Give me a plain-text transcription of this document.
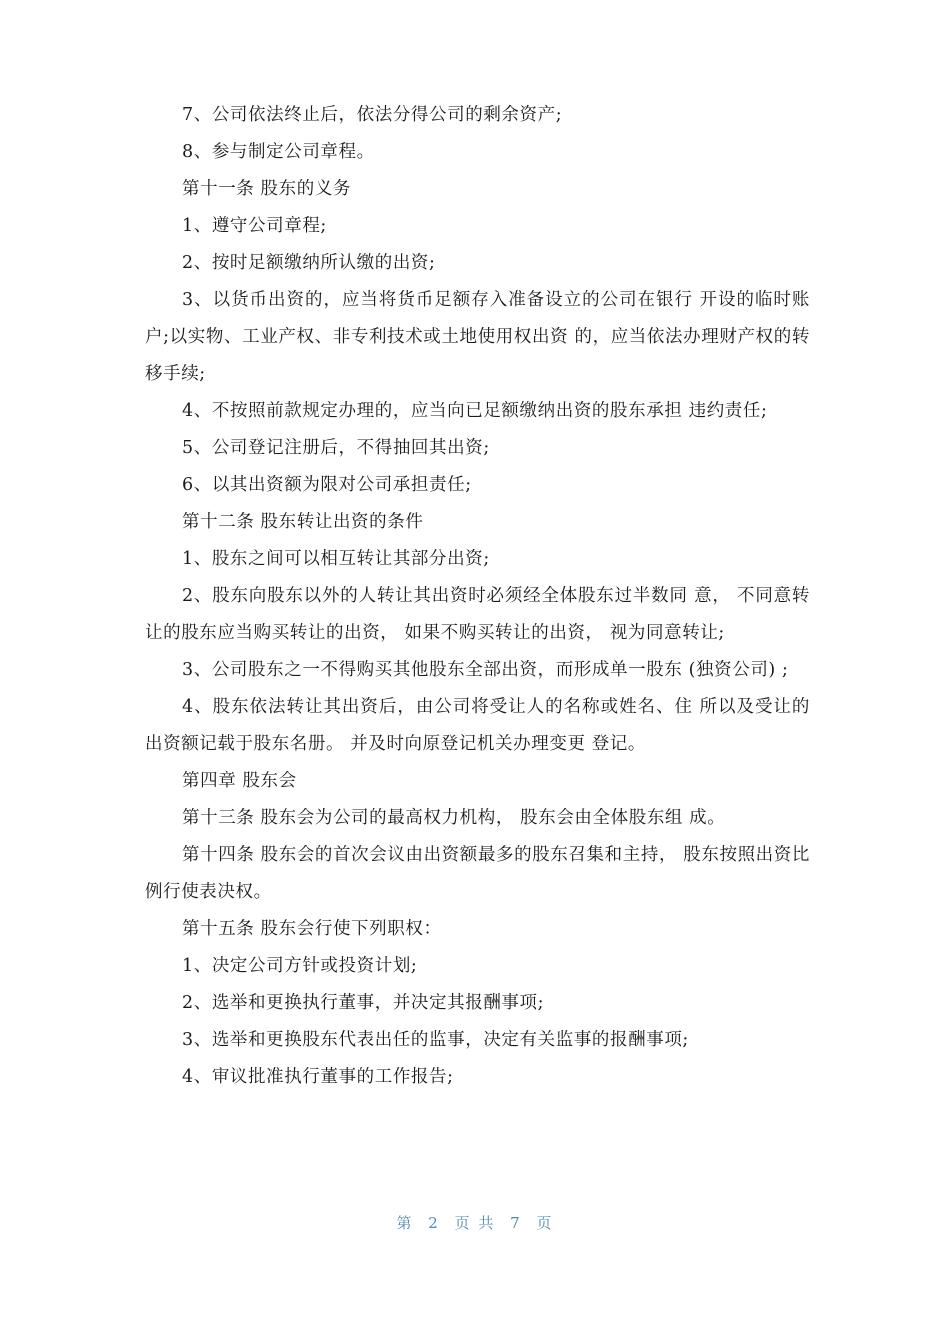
7、公司依法终止后，依法分得公司的剩余资产;

8、参与制定公司章程。

第十一条 股东的义务

1、遵守公司章程;

2、按时足额缴纳所认缴的出资;

3、以货币出资的，应当将货币足额存入准备设立的公司在银行 开设的临时账户;以实物、工业产权、非专利技术或土地使用权出资 的，应当依法办理财产权的转移手续;

4、不按照前款规定办理的，应当向已足额缴纳出资的股东承担 违约责任;

5、公司登记注册后，不得抽回其出资;

6、以其出资额为限对公司承担责任;

第十二条 股东转让出资的条件

1、股东之间可以相互转让其部分出资;

2、股东向股东以外的人转让其出资时必须经全体股东过半数同 意， 不同意转让的股东应当购买转让的出资， 如果不购买转让的出资， 视为同意转让;

3、公司股东之一不得购买其他股东全部出资，而形成单一股东 (独资公司) ;

4、股东依法转让其出资后，由公司将受让人的名称或姓名、住 所以及受让的出资额记载于股东名册。 并及时向原登记机关办理变更 登记。

第四章 股东会

第十三条 股东会为公司的最高权力机构， 股东会由全体股东组 成。

第十四条 股东会的首次会议由出资额最多的股东召集和主持， 股东按照出资比例行使表决权。

第十五条 股东会行使下列职权：

1、决定公司方针或投资计划;

2、选举和更换执行董事，并决定其报酬事项;

3、选举和更换股东代表出任的监事，决定有关监事的报酬事项;

4、审议批准执行董事的工作报告;

第 2 页 共 7 页
